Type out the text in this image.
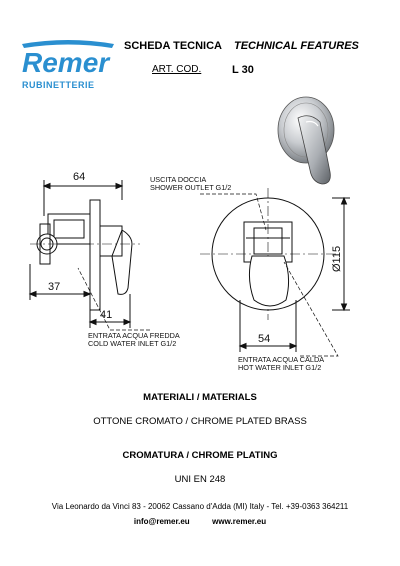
Remer
RUBINETTERIE
SCHEDA TECNICA TECHNICAL FEATURES
ART. COD.	L 30
64
37
41
54
Ø115
USCITA DOCCIA
SHOWER OUTLET G1/2
ENTRATA ACQUA FREDDA
COLD WATER INLET G1/2
ENTRATA ACQUA CALDA
HOT WATER INLET G1/2
MATERIALI / MATERIALS
OTTONE CROMATO / CHROME PLATED BRASS
CROMATURA / CHROME PLATING
UNI EN 248
Via Leonardo da Vinci 83 - 20062 Cassano d'Adda (MI) Italy - Tel. +39-0363 364211
info@remer.eu	www.remer.eu
